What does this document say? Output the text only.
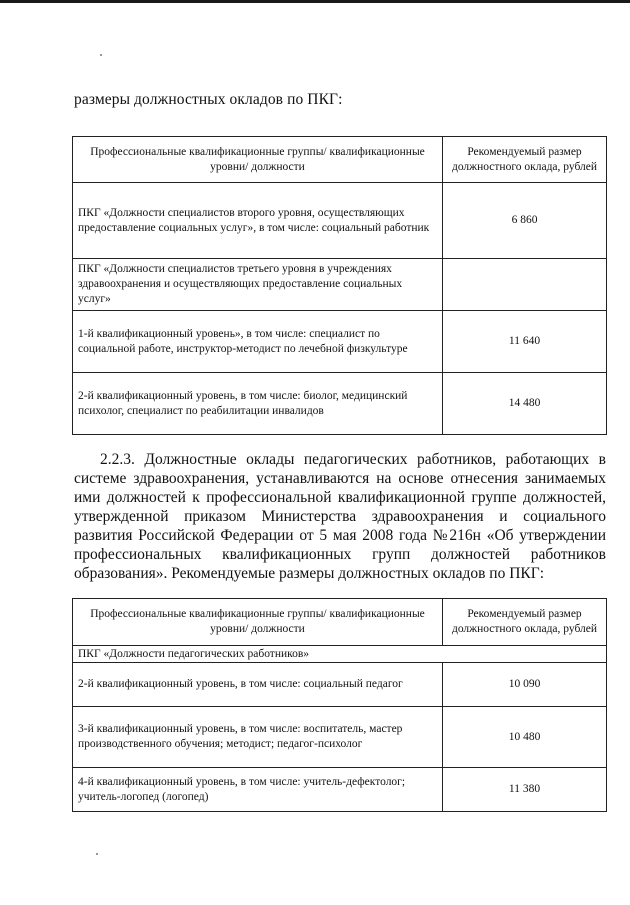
размеры должностных окладов по ПКГ:
Профессиональные квалификационные группы/ квалификационные уровни/ должности	Рекомендуемый размер должностного оклада, рублей
ПКГ «Должности специалистов второго уровня, осуществляющих предоставление социальных услуг», в том числе: социальный работник	6 860
ПКГ «Должности специалистов третьего уровня в учреждениях здравоохранения и осуществляющих предоставление социальных услуг»	
1-й квалификационный уровень», в том числе: специалист по социальной работе, инструктор-методист по лечебной физкультуре	11 640
2-й квалификационный уровень, в том числе: биолог, медицинский психолог, специалист по реабилитации инвалидов	14 480

2.2.3. Должностные оклады педагогических работников, работающих в системе здравоохранения, устанавливаются на основе отнесения занимаемых ими должностей к профессиональной квалификационной группе должностей, утвержденной приказом Министерства здравоохранения и социального развития Российской Федерации от 5 мая 2008 года №216н «Об утверждении профессиональных квалификационных групп должностей работников образования». Рекомендуемые размеры должностных окладов по ПКГ:

Профессиональные квалификационные группы/ квалификационные уровни/ должности	Рекомендуемый размер должностного оклада, рублей
ПКГ «Должности педагогических работников»	
2-й квалификационный уровень, в том числе: социальный педагог	10 090
3-й квалификационный уровень, в том числе: воспитатель, мастер производственного обучения; методист; педагог-психолог	10 480
4-й квалификационный уровень, в том числе: учитель-дефектолог; учитель-логопед (логопед)	11 380
